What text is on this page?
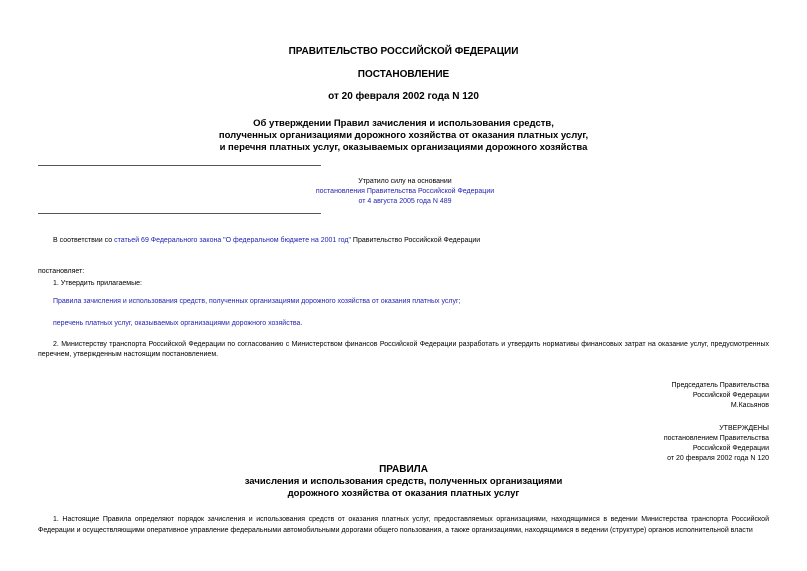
ПРАВИТЕЛЬСТВО РОССИЙСКОЙ ФЕДЕРАЦИИ
ПОСТАНОВЛЕНИЕ
от 20 февраля 2002 года N 120
Об утверждении Правил зачисления и использования средств,
полученных организациями дорожного хозяйства от оказания платных услуг,
и перечня платных услуг, оказываемых организациями дорожного хозяйства
Утратило силу на основании
постановления Правительства Российской Федерации
от 4 августа 2005 года N 489
В соответствии со статьей 69 Федерального закона "О федеральном бюджете на 2001 год" Правительство Российской Федерации
постановляет:
1. Утвердить прилагаемые:
Правила зачисления и использования средств, полученных организациями дорожного хозяйства от оказания платных услуг;
перечень платных услуг, оказываемых организациями дорожного хозяйства.
2. Министерству транспорта Российской Федерации по согласованию с Министерством финансов Российской Федерации разработать и утвердить нормативы финансовых затрат на оказание услуг, предусмотренных перечнем, утвержденным настоящим постановлением.
Председатель Правительства
Российской Федерации
М.Касьянов
УТВЕРЖДЕНЫ
постановлением Правительства
Российской Федерации
от 20 февраля 2002 года N 120
ПРАВИЛА
зачисления и использования средств, полученных организациями
дорожного хозяйства от оказания платных услуг
1. Настоящие Правила определяют порядок зачисления и использования средств от оказания платных услуг, предоставляемых организациями, находящимися в ведении Министерства транспорта Российской Федерации и осуществляющими оперативное управление федеральными автомобильными дорогами общего пользования, а также организациями, находящимися в ведении (структуре) органов исполнительной власти
